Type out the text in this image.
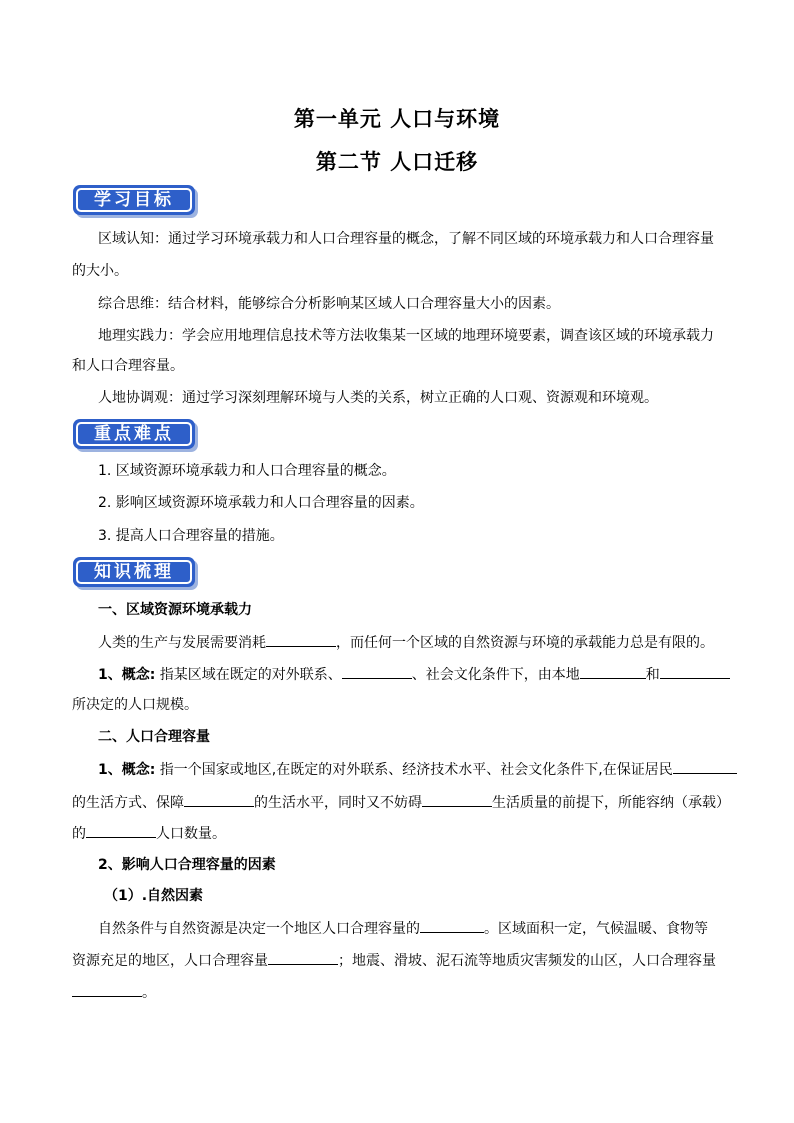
第一单元 人口与环境
第二节 人口迁移
学习目标
区域认知：通过学习环境承载力和人口合理容量的概念，了解不同区域的环境承载力和人口合理容量
的大小。
综合思维：结合材料，能够综合分析影响某区域人口合理容量大小的因素。
地理实践力：学会应用地理信息技术等方法收集某一区域的地理环境要素，调查该区域的环境承载力
和人口合理容量。
人地协调观：通过学习深刻理解环境与人类的关系，树立正确的人口观、资源观和环境观。
重点难点
1. 区域资源环境承载力和人口合理容量的概念。
2. 影响区域资源环境承载力和人口合理容量的因素。
3. 提高人口合理容量的措施。
知识梳理
一、区域资源环境承载力
人类的生产与发展需要消耗	，而任何一个区域的自然资源与环境的承载能力总是有限的。
1、概念: 指某区域在既定的对外联系、	、社会文化条件下，由本地	和
所决定的人口规模。
二、人口合理容量
1、概念: 指一个国家或地区,在既定的对外联系、经济技术水平、社会文化条件下,在保证居民
的生活方式、保障	的生活水平，同时又不妨碍	生活质量的前提下，所能容纳（承载）
的	人口数量。
2、影响人口合理容量的因素
（1）.自然因素
自然条件与自然资源是决定一个地区人口合理容量的	。区域面积一定，气候温暖、食物等
资源充足的地区，人口合理容量	；地震、滑坡、泥石流等地质灾害频发的山区，人口合理容量
。
